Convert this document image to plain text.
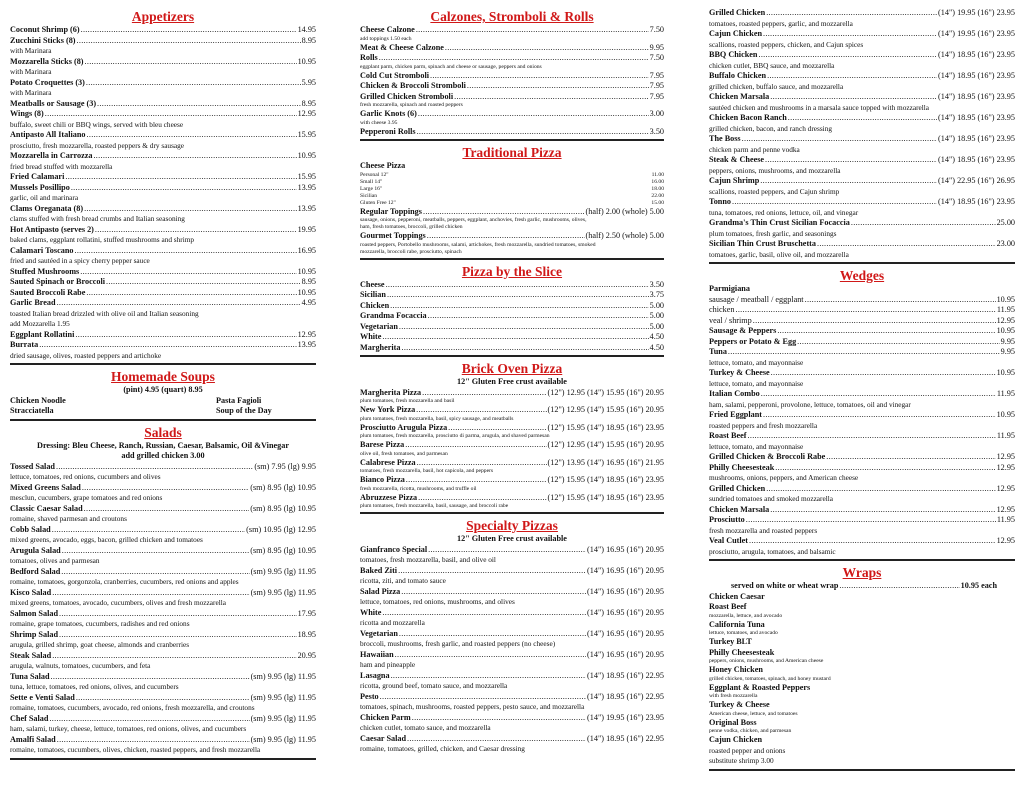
Appetizers
Coconut Shrimp (6) .....	14.95
Zucchini Sticks (8) .....	8.95
with Marinara
Mozzarella Sticks (8) .....	10.95
with Marinara
Potato Croquettes (3) .....	5.95
with Marinara
Meatballs or Sausage (3) .....	8.95
Wings (8) .....	12.95
buffalo, sweet chili or BBQ wings, served with bleu cheese
Antipasto All Italiano .....	15.95
prosciutto, fresh mozzarella, roasted peppers & dry sausage
Mozzarella in Carrozza .....	10.95
fried bread stuffed with mozzarella
Fried Calamari .....	15.95
Mussels Posillipo .....	13.95
garlic, oil and marinara
Clams Oreganata (8) .....	13.95
clams stuffed with fresh bread crumbs and Italian seasoning
Hot Antipasto (serves 2) .....	19.95
baked clams, eggplant rollatini, stuffed mushrooms and shrimp
Calamari Toscano .....	16.95
fried and sautéed in a spicy cherry pepper sauce
Stuffed Mushrooms .....	10.95
Sauted Spinach or Broccoli .....	8.95
Sauted Broccoli Rabe .....	10.95
Garlic Bread .....	4.95
toasted Italian bread drizzled with olive oil and Italian seasoning
add Mozzarella 1.95
Eggplant Rollatini .....	12.95
Burrata .....	13.95
dried sausage, olives, roasted peppers and artichoke
Homemade Soups
(pint) 4.95 (quart) 8.95
Chicken Noodle	Pasta Fagioli
Stracciatella	Soup of the Day
Salads
Dressing: Bleu Cheese, Ranch, Russian, Caesar, Balsamic, Oil &Vinegar
add grilled chicken 3.00
Tossed Salad .....	(sm) 7.95 (lg) 9.95
lettuce, tomatoes, red onions, cucumbers and olives
Mixed Greens Salad .....	(sm) 8.95 (lg) 10.95
mesclun, cucumbers, grape tomatoes and red onions
Classic Caesar Salad .....	(sm) 8.95 (lg) 10.95
romaine, shaved parmesan and croutons
Cobb Salad .....	(sm) 10.95 (lg) 12.95
mixed greens, avocado, eggs, bacon, grilled chicken and tomatoes
Arugula Salad .....	(sm) 8.95 (lg) 10.95
tomatoes, olives and parmesan
Bedford Salad .....	(sm) 9.95 (lg) 11.95
romaine, tomatoes, gorgonzola, cranberries, cucumbers, red onions and apples
Kisco Salad .....	(sm) 9.95 (lg) 11.95
mixed greens, tomatoes, avocado, cucumbers, olives and fresh mozzarella
Salmon Salad .....	17.95
romaine, grape tomatoes, cucumbers, radishes and red onions
Shrimp Salad .....	18.95
arugula, grilled shrimp, goat cheese, almonds and cranberries
Steak Salad .....	20.95
arugula, walnuts, tomatoes, cucumbers, and feta
Tuna Salad .....	(sm) 9.95 (lg) 11.95
tuna, lettuce, tomatoes, red onions, olives, and cucumbers
Sette e Venti Salad .....	(sm) 9.95 (lg) 11.95
romaine, tomatoes, cucumbers, avocado, red onions, fresh mozzarella, and croutons
Chef Salad .....	(sm) 9.95 (lg) 11.95
ham, salami, turkey, cheese, lettuce, tomatoes, red onions, olives, and cucumbers
Amalfi Salad .....	(sm) 9.95 (lg) 11.95
romaine, tomatoes, cucumbers, olives, chicken, roasted peppers, and fresh mozzarella
Calzones, Stromboli & Rolls
Cheese Calzone .....	7.50
add toppings 1.50 each
Meat & Cheese Calzone .....	9.95
Rolls .....	7.50
eggplant parm, chicken parm, spinach and cheese or sausage, peppers and onions
Cold Cut Stromboli .....	7.95
Chicken & Broccoli Stromboli .....	7.95
Grilled Chicken Stromboli .....	7.95
fresh mozzarella, spinach and roasted peppers
Garlic Knots (6) .....	3.00
with cheese 3.95
Pepperoni Rolls .....	3.50
Traditional Pizza
Cheese Pizza
Personal 12"	11.00
Small 14"	16.00
Large 16"	18.00
Sicilian	22.00
Gluten Free 12"	15.00
Regular Toppings .....	(half) 2.00 (whole) 5.00
sausage, onions, pepperoni, meatballs, peppers, eggplant, anchovies, fresh garlic, mushrooms, olives,
ham, fresh tomatoes, broccoli, grilled chicken
Gourmet Toppings .....	(half) 2.50 (whole) 5.00
roasted peppers, Portobello mushrooms, salami, artichokes, fresh mozzarella, sundried tomatoes, smoked
mozzarella, broccoli rabe, prosciutto, spinach
Pizza by the Slice
Cheese .....	3.50
Sicilian .....	3.75
Chicken .....	5.00
Grandma Focaccia .....	5.00
Vegetarian .....	5.00
White .....	4.50
Margherita .....	4.50
Brick Oven Pizza
12" Gluten Free crust available
Margherita Pizza .....	(12") 12.95 (14") 15.95 (16") 20.95
plum tomatoes, fresh mozzarella and basil
New York Pizza .....	(12") 12.95 (14") 15.95 (16") 20.95
plum tomatoes, fresh mozzarella, basil, spicy sausage, and meatballs
Prosciutto Arugula Pizza .....	(12") 15.95 (14") 18.95 (16") 23.95
plum tomatoes, fresh mozzarella, prosciutto di parma, arugula, and shaved parmesan
Barese Pizza .....	(12") 12.95 (14") 15.95 (16") 20.95
olive oil, fresh tomatoes, and parmesan
Calabrese Pizza .....	(12") 13.95 (14") 16.95 (16") 21.95
tomatoes, fresh mozzarella, basil, hot capicola, and peppers
Bianco Pizza .....	(12") 15.95 (14") 18.95 (16") 23.95
fresh mozzarella, ricotta, mushrooms, and truffle oil
Abruzzese Pizza .....	(12") 15.95 (14") 18.95 (16") 23.95
plum tomatoes, fresh mozzarella, basil, sausage, and broccoli rabe
Specialty Pizzas
12" Gluten Free crust available
Gianfranco Special .....	(14") 16.95 (16") 20.95
tomatoes, fresh mozzarella, basil, and olive oil
Baked Ziti .....	(14") 16.95 (16") 20.95
ricotta, ziti, and tomato sauce
Salad Pizza .....	(14") 16.95 (16") 20.95
lettuce, tomatoes, red onions, mushrooms, and olives
White .....	(14") 16.95 (16") 20.95
ricotta and mozzarella
Vegetarian .....	(14") 16.95 (16") 20.95
broccoli, mushrooms, fresh garlic, and roasted peppers (no cheese)
Hawaiian .....	(14") 16.95 (16") 20.95
ham and pineapple
Lasagna .....	(14") 18.95 (16") 22.95
ricotta, ground beef, tomato sauce, and mozzarella
Pesto .....	(14") 18.95 (16") 22.95
tomatoes, spinach, mushrooms, roasted peppers, pesto sauce, and mozzarella
Chicken Parm .....	(14") 19.95 (16") 23.95
chicken cutlet, tomato sauce, and mozzarella
Caesar Salad .....	(14") 18.95 (16") 22.95
romaine, tomatoes, grilled, chicken, and Caesar dressing
Grilled Chicken .....	(14") 19.95 (16") 23.95
tomatoes, roasted peppers, garlic, and mozzarella
Cajun Chicken .....	(14") 19.95 (16") 23.95
scallions, roasted peppers, chicken, and Cajun spices
BBQ Chicken .....	(14") 18.95 (16") 23.95
chicken cutlet, BBQ sauce, and mozzarella
Buffalo Chicken .....	(14") 18.95 (16") 23.95
grilled chicken, buffalo sauce, and mozzarella
Chicken Marsala .....	(14") 18.95 (16") 23.95
sautéed chicken and mushrooms in a marsala sauce topped with mozzarella
Chicken Bacon Ranch .....	(14") 18.95 (16") 23.95
grilled chicken, bacon, and ranch dressing
The Boss .....	(14") 18.95 (16") 23.95
chicken parm and penne vodka
Steak & Cheese .....	(14") 18.95 (16") 23.95
peppers, onions, mushrooms, and mozzarella
Cajun Shrimp .....	(14") 22.95 (16") 26.95
scallions, roasted peppers, and Cajun shrimp
Tonno .....	(14") 18.95 (16") 23.95
tuna, tomatoes, red onions, lettuce, oil, and vinegar
Grandma's Thin Crust Sicilian Focaccia .....	25.00
plum tomatoes, fresh garlic, and seasonings
Sicilian Thin Crust Bruschetta .....	23.00
tomatoes, garlic, basil, olive oil, and mozzarella
Wedges
Parmigiana
sausage / meatball / eggplant .....	10.95
chicken .....	11.95
veal / shrimp .....	12.95
Sausage & Peppers .....	10.95
Peppers or Potato & Egg .....	9.95
Tuna .....	9.95
lettuce, tomato, and mayonnaise
Turkey & Cheese .....	10.95
lettuce, tomato, and mayonnaise
Italian Combo .....	11.95
ham, salami, pepperoni, provolone, lettuce, tomatoes, oil and vinegar
Fried Eggplant .....	10.95
roasted peppers and fresh mozzarella
Roast Beef .....	11.95
lettuce, tomato, and mayonnaise
Grilled Chicken & Broccoli Rabe .....	12.95
Philly Cheesesteak .....	12.95
mushrooms, onions, peppers, and American cheese
Grilled Chicken .....	12.95
sundried tomatoes and smoked mozzarella
Chicken Marsala .....	12.95
Prosciutto .....	11.95
fresh mozzarella and roasted peppers
Veal Cutlet .....	12.95
prosciutto, arugula, tomatoes, and balsamic
Wraps
served on white or wheat wrap .....	10.95 each
Chicken Caesar
Roast Beef
mozzarella, lettuce, and avocado
California Tuna
lettuce, tomatoes, and avocado
Turkey BLT
Philly Cheesesteak
peppers, onions, mushrooms, and American cheese
Honey Chicken
grilled chicken, tomatoes, spinach, and honey mustard
Eggplant & Roasted Peppers
with fresh mozzarella
Turkey & Cheese
American cheese, lettuce, and tomatoes
Original Boss
penne vodka, chicken, and parmesan
Cajun Chicken
roasted pepper and onions
substitute shrimp 3.00
